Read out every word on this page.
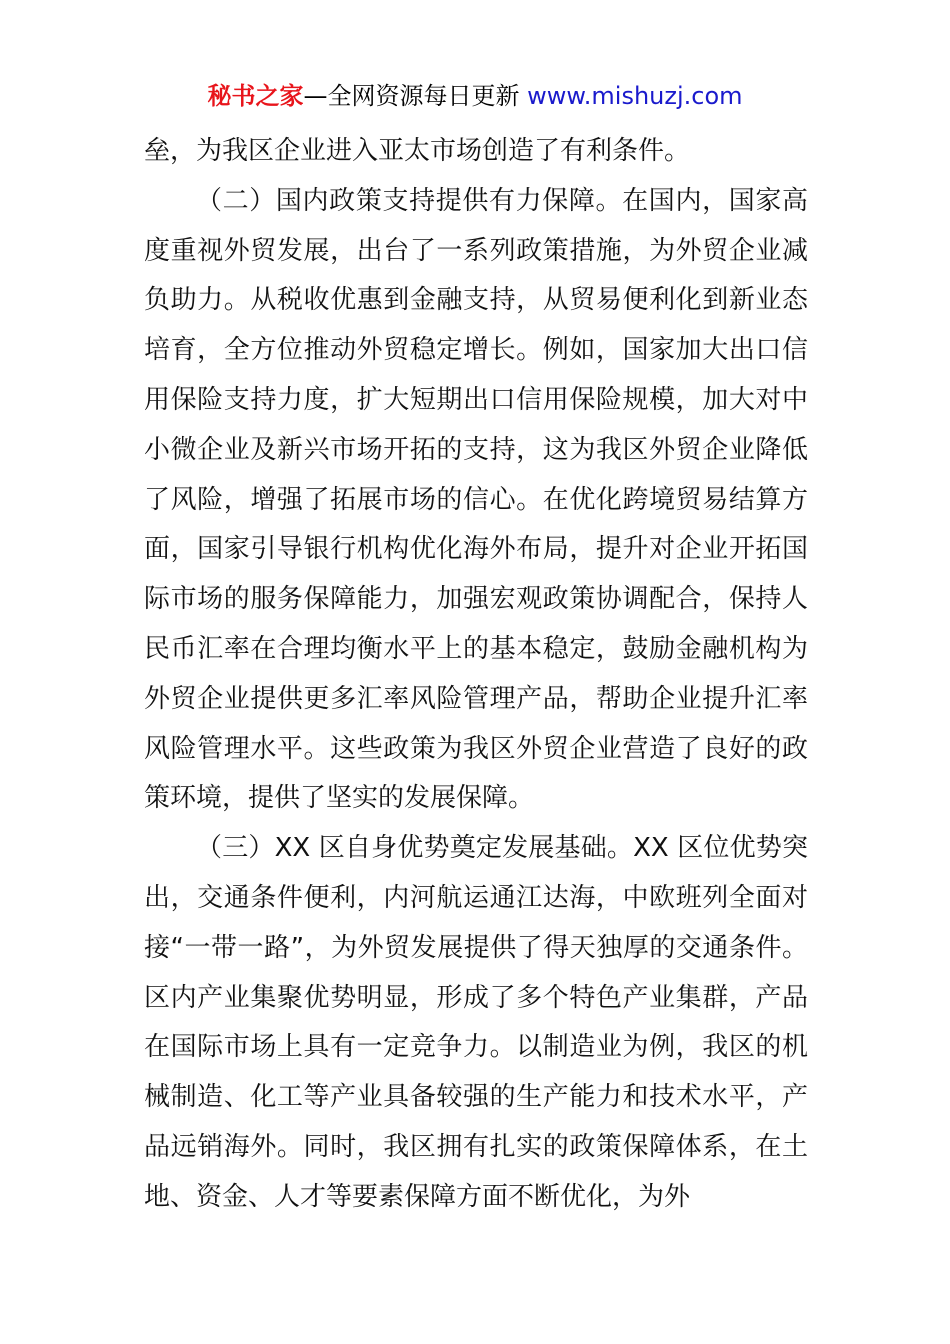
秘书之家—全网资源每日更新 www.mishuzj.com

垒，为我区企业进入亚太市场创造了有利条件。

（二）国内政策支持提供有力保障。在国内，国家高度重视外贸发展，出台了一系列政策措施，为外贸企业减负助力。从税收优惠到金融支持，从贸易便利化到新业态培育，全方位推动外贸稳定增长。例如，国家加大出口信用保险支持力度，扩大短期出口信用保险规模，加大对中小微企业及新兴市场开拓的支持，这为我区外贸企业降低了风险，增强了拓展市场的信心。在优化跨境贸易结算方面，国家引导银行机构优化海外布局，提升对企业开拓国际市场的服务保障能力，加强宏观政策协调配合，保持人民币汇率在合理均衡水平上的基本稳定，鼓励金融机构为外贸企业提供更多汇率风险管理产品，帮助企业提升汇率风险管理水平。这些政策为我区外贸企业营造了良好的政策环境，提供了坚实的发展保障。

（三）XX 区自身优势奠定发展基础。XX 区位优势突出，交通条件便利，内河航运通江达海，中欧班列全面对接“一带一路”，为外贸发展提供了得天独厚的交通条件。区内产业集聚优势明显，形成了多个特色产业集群，产品在国际市场上具有一定竞争力。以制造业为例，我区的机械制造、化工等产业具备较强的生产能力和技术水平，产品远销海外。同时，我区拥有扎实的政策保障体系，在土地、资金、人才等要素保障方面不断优化，为外
